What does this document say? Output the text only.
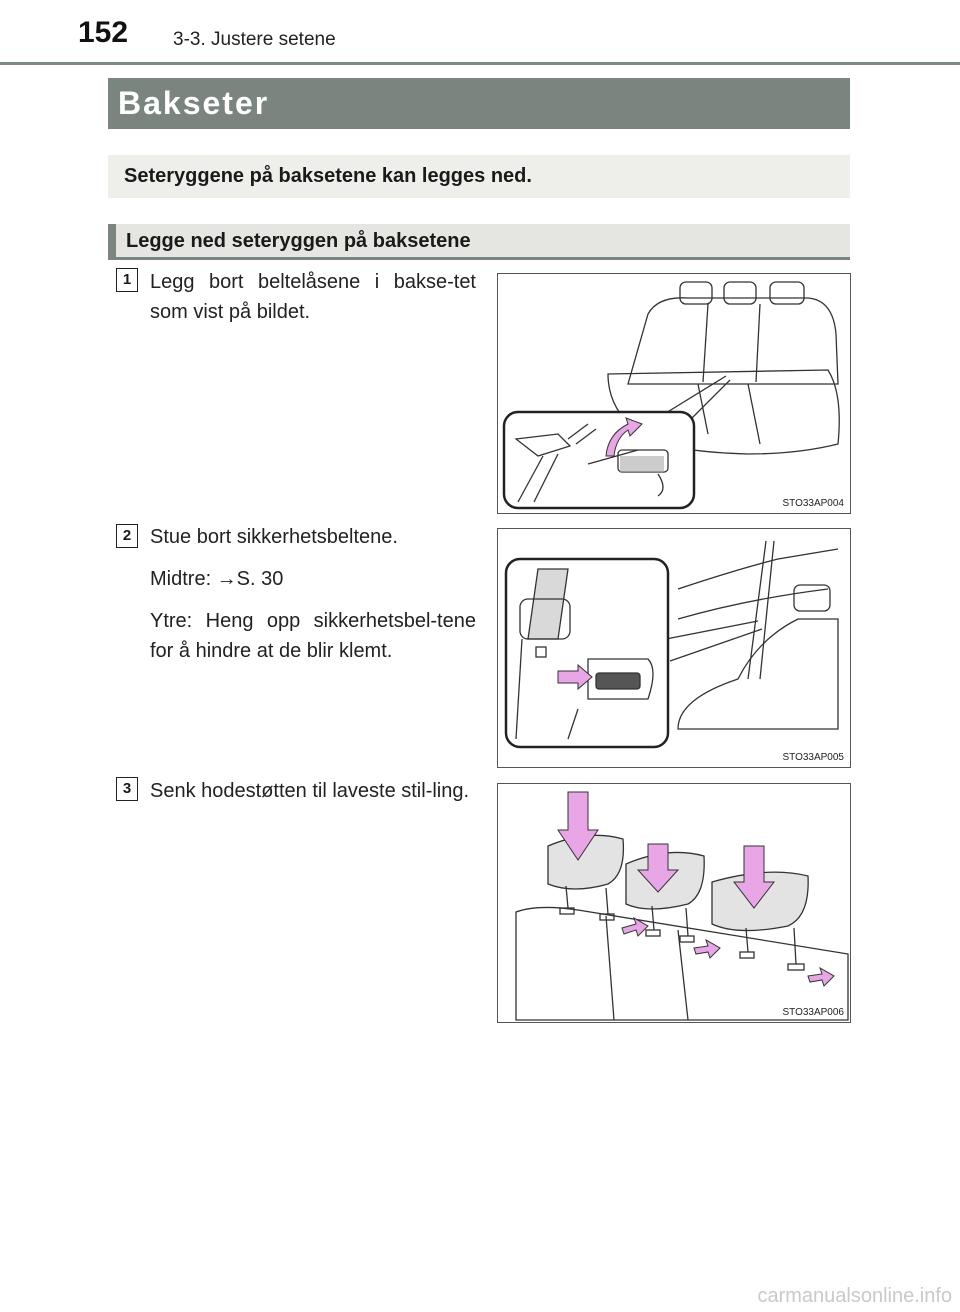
152 3-3. Justere setene
Bakseter
Seteryggene på baksetene kan legges ned.
Legge ned seteryggen på baksetene
1 Legg bort beltelåsene i bakse-tet som vist på bildet.

STO33AP004
2 Stue bort sikkerhetsbeltene.

Midtre: →S. 30

Ytre: Heng opp sikkerhetsbel-tene for å hindre at de blir klemt.

STO33AP005
3 Senk hodestøtten til laveste stil-ling.

STO33AP006
carmanualsonline.info
